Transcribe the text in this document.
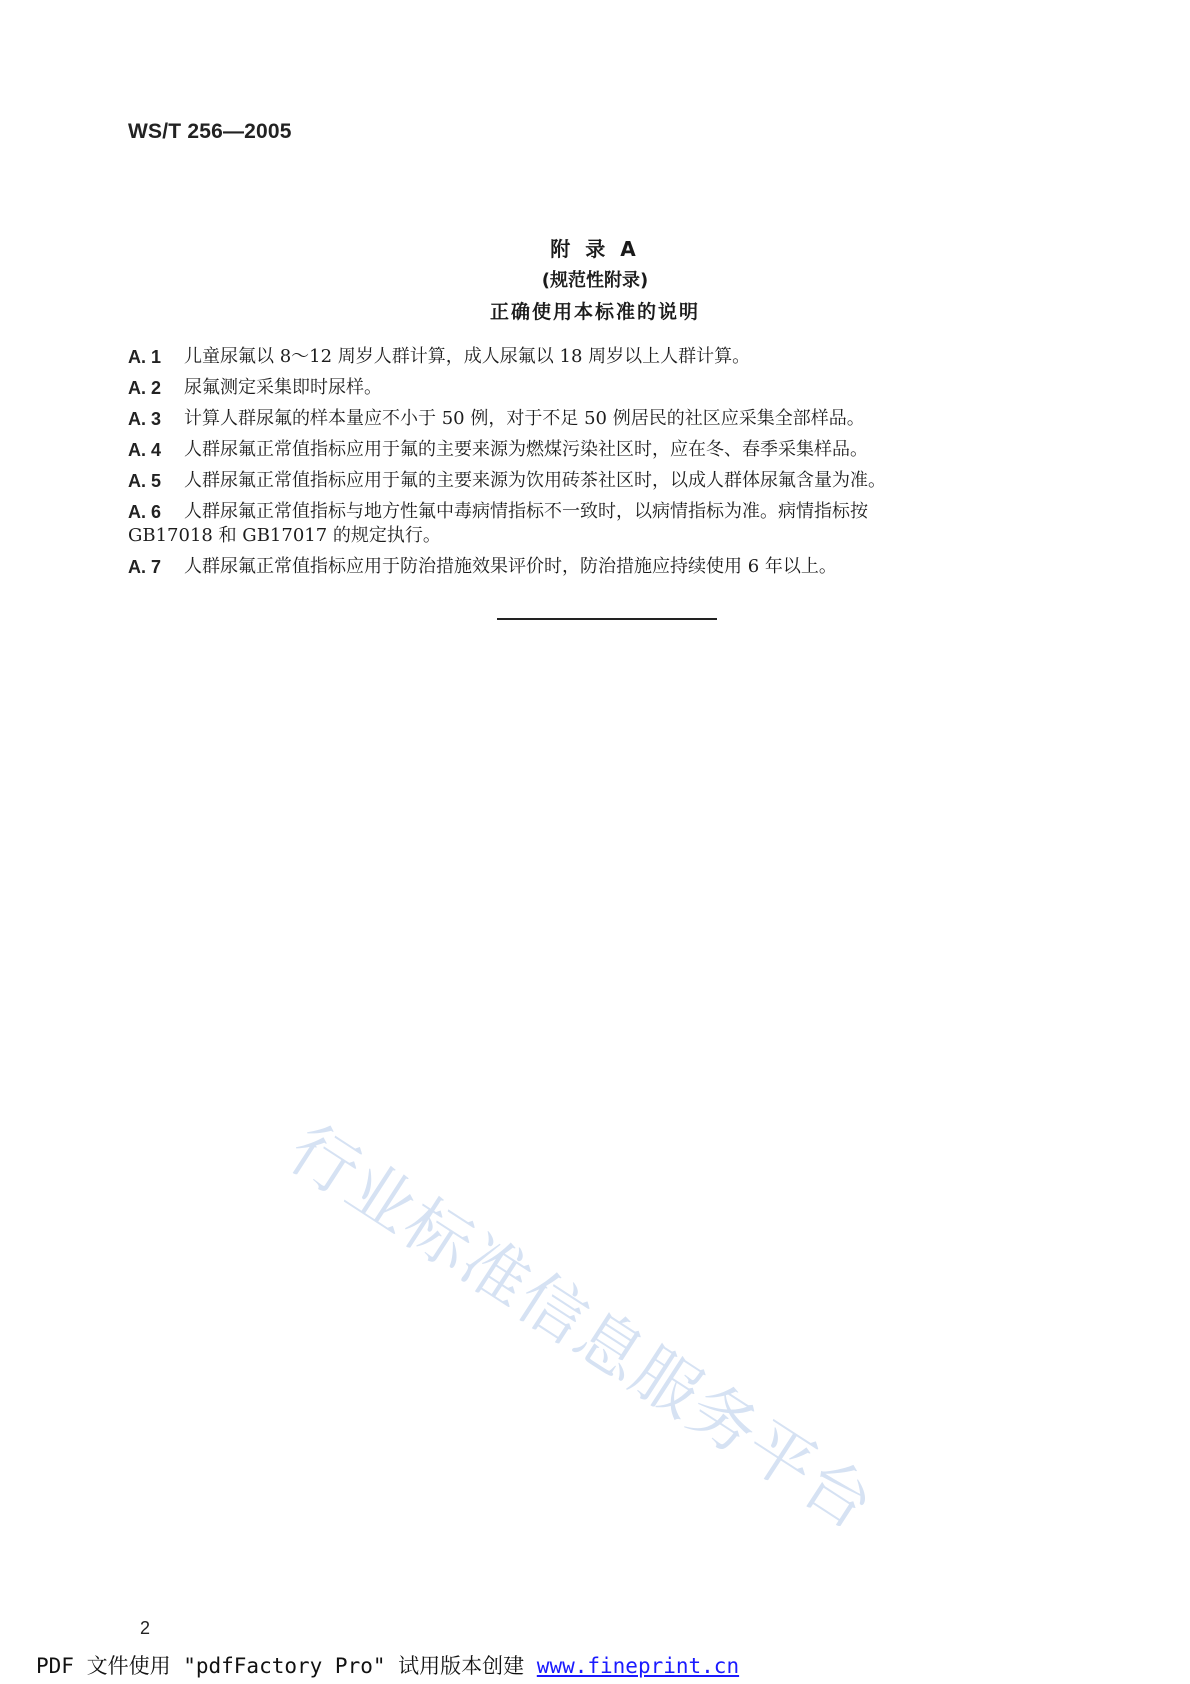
WS/T 256—2005
附 录 A
(规范性附录)
正确使用本标准的说明
A. 1 儿童尿氟以 8～12 周岁人群计算，成人尿氟以 18 周岁以上人群计算。
A. 2 尿氟测定采集即时尿样。
A. 3 计算人群尿氟的样本量应不小于 50 例，对于不足 50 例居民的社区应采集全部样品。
A. 4 人群尿氟正常值指标应用于氟的主要来源为燃煤污染社区时，应在冬、春季采集样品。
A. 5 人群尿氟正常值指标应用于氟的主要来源为饮用砖茶社区时，以成人群体尿氟含量为准。
A. 6 人群尿氟正常值指标与地方性氟中毒病情指标不一致时，以病情指标为准。病情指标按
GB17018 和 GB17017 的规定执行。
A. 7 人群尿氟正常值指标应用于防治措施效果评价时，防治措施应持续使用 6 年以上。
行业标准信息服务平台
2
PDF 文件使用 "pdfFactory Pro" 试用版本创建 www.fineprint.cn
